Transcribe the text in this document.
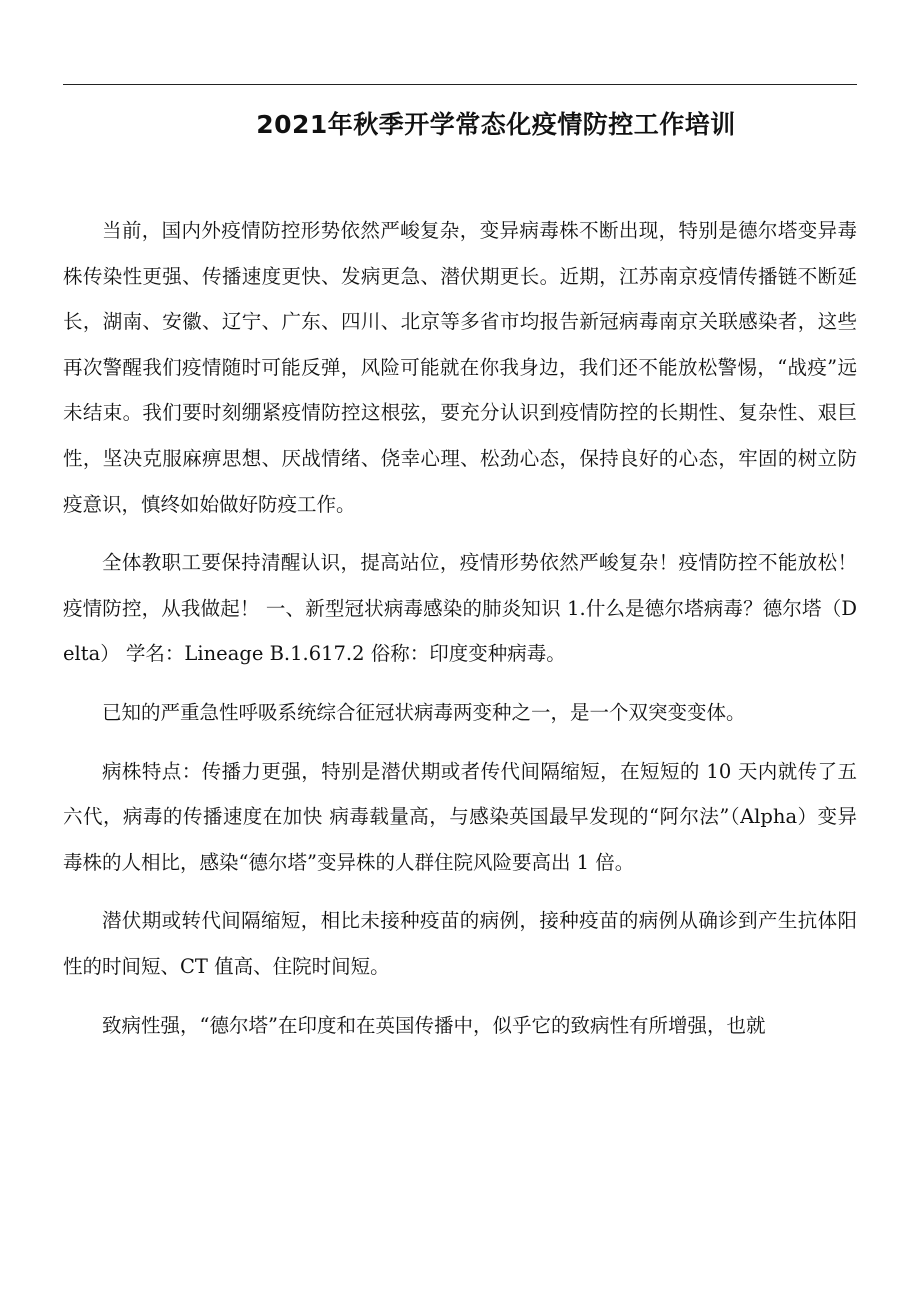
2021年秋季开学常态化疫情防控工作培训

当前，国内外疫情防控形势依然严峻复杂，变异病毒株不断出现，特别是德尔塔变异毒株传染性更强、传播速度更快、发病更急、潜伏期更长。近期，江苏南京疫情传播链不断延长，湖南、安徽、辽宁、广东、四川、北京等多省市均报告新冠病毒南京关联感染者，这些再次警醒我们疫情随时可能反弹，风险可能就在你我身边，我们还不能放松警惕，“战疫”远未结束。我们要时刻绷紧疫情防控这根弦，要充分认识到疫情防控的长期性、复杂性、艰巨性，坚决克服麻痹思想、厌战情绪、侥幸心理、松劲心态，保持良好的心态，牢固的树立防疫意识，慎终如始做好防疫工作。

全体教职工要保持清醒认识，提高站位，疫情形势依然严峻复杂！疫情防控不能放松！疫情防控，从我做起！ 一、新型冠状病毒感染的肺炎知识 1.什么是德尔塔病毒？德尔塔（Delta） 学名：Lineage B.1.617.2 俗称：印度变种病毒。

已知的严重急性呼吸系统综合征冠状病毒两变种之一，是一个双突变变体。

病株特点：传播力更强，特别是潜伏期或者传代间隔缩短，在短短的 10 天内就传了五六代，病毒的传播速度在加快 病毒载量高，与感染英国最早发现的“阿尔法”（Alpha）变异毒株的人相比，感染“德尔塔”变异株的人群住院风险要高出 1 倍。

潜伏期或转代间隔缩短，相比未接种疫苗的病例，接种疫苗的病例从确诊到产生抗体阳性的时间短、CT 值高、住院时间短。

致病性强，“德尔塔”在印度和在英国传播中，似乎它的致病性有所增强，也就
